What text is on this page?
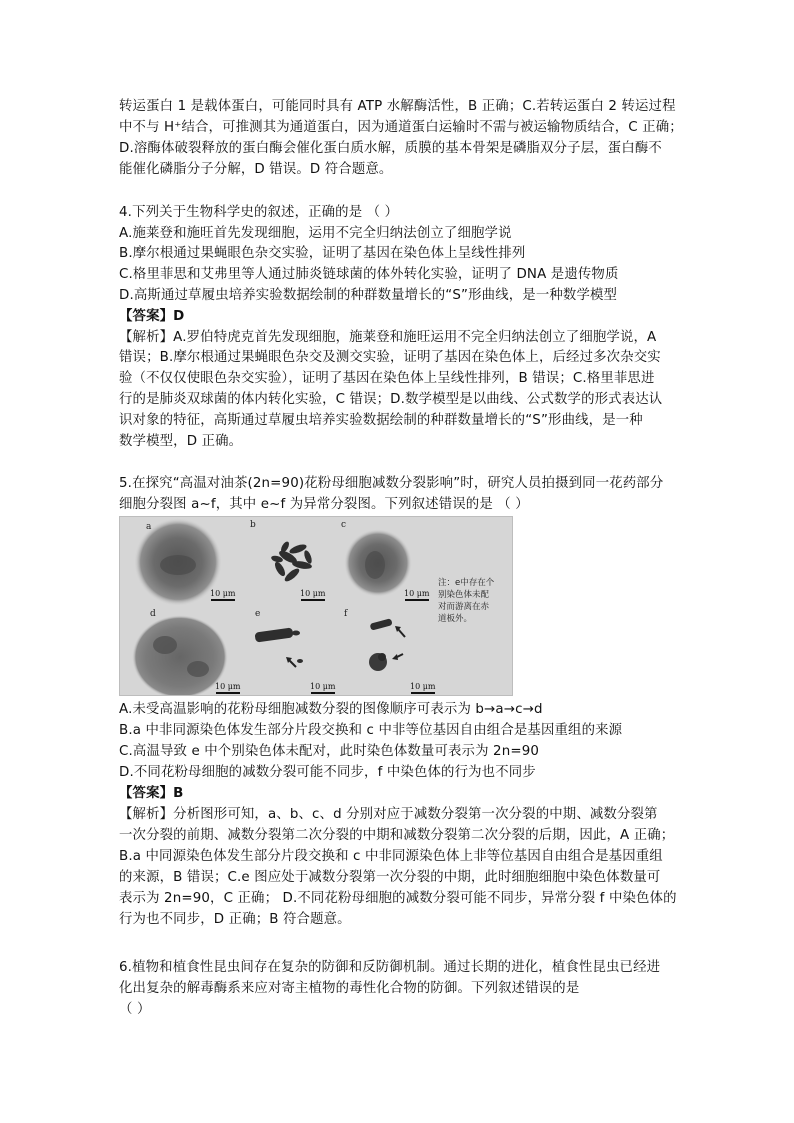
转运蛋白 1 是载体蛋白，可能同时具有 ATP 水解酶活性，B 正确；C.若转运蛋白 2 转运过程
中不与 H⁺结合，可推测其为通道蛋白，因为通道蛋白运输时不需与被运输物质结合，C 正确；
D.溶酶体破裂释放的蛋白酶会催化蛋白质水解，质膜的基本骨架是磷脂双分子层，蛋白酶不
能催化磷脂分子分解，D 错误。D 符合题意。
4.下列关于生物科学史的叙述，正确的是 （ ）
A.施莱登和施旺首先发现细胞，运用不完全归纳法创立了细胞学说
B.摩尔根通过果蝇眼色杂交实验，证明了基因在染色体上呈线性排列
C.格里菲思和艾弗里等人通过肺炎链球菌的体外转化实验，证明了 DNA 是遗传物质
D.高斯通过草履虫培养实验数据绘制的种群数量增长的“S”形曲线，是一种数学模型
【答案】D
【解析】A.罗伯特虎克首先发现细胞，施莱登和施旺运用不完全归纳法创立了细胞学说，A
错误；B.摩尔根通过果蝇眼色杂交及测交实验，证明了基因在染色体上，后经过多次杂交实
验（不仅仅使眼色杂交实验），证明了基因在染色体上呈线性排列，B 错误；C.格里菲思进
行的是肺炎双球菌的体内转化实验，C 错误；D.数学模型是以曲线、公式数学的形式表达认
识对象的特征，高斯通过草履虫培养实验数据绘制的种群数量增长的“S”形曲线，是一种
数学模型，D 正确。
5.在探究“高温对油茶(2n=90)花粉母细胞减数分裂影响”时，研究人员拍摄到同一花药部分
细胞分裂图 a~f，其中 e~f 为异常分裂图。下列叙述错误的是 （ ）
a	b	c
d	e	f
10 μm	10 μm	10 μm
10 μm	10 μm	10 μm
注：e中存在个
别染色体未配
对而游离在赤
道板外。
A.未受高温影响的花粉母细胞减数分裂的图像顺序可表示为 b→a→c→d
B.a 中非同源染色体发生部分片段交换和 c 中非等位基因自由组合是基因重组的来源
C.高温导致 e 中个别染色体未配对，此时染色体数量可表示为 2n=90
D.不同花粉母细胞的减数分裂可能不同步，f 中染色体的行为也不同步
【答案】B
【解析】分析图形可知，a、b、c、d 分别对应于减数分裂第一次分裂的中期、减数分裂第
一次分裂的前期、减数分裂第二次分裂的中期和减数分裂第二次分裂的后期，因此，A 正确；
B.a 中同源染色体发生部分片段交换和 c 中非同源染色体上非等位基因自由组合是基因重组
的来源，B 错误；C.e 图应处于减数分裂第一次分裂的中期，此时细胞细胞中染色体数量可
表示为 2n=90，C 正确； D.不同花粉母细胞的减数分裂可能不同步，异常分裂 f 中染色体的
行为也不同步，D 正确；B 符合题意。
6.植物和植食性昆虫间存在复杂的防御和反防御机制。通过长期的进化，植食性昆虫已经进
化出复杂的解毒酶系来应对寄主植物的毒性化合物的防御。下列叙述错误的是
（ ）
